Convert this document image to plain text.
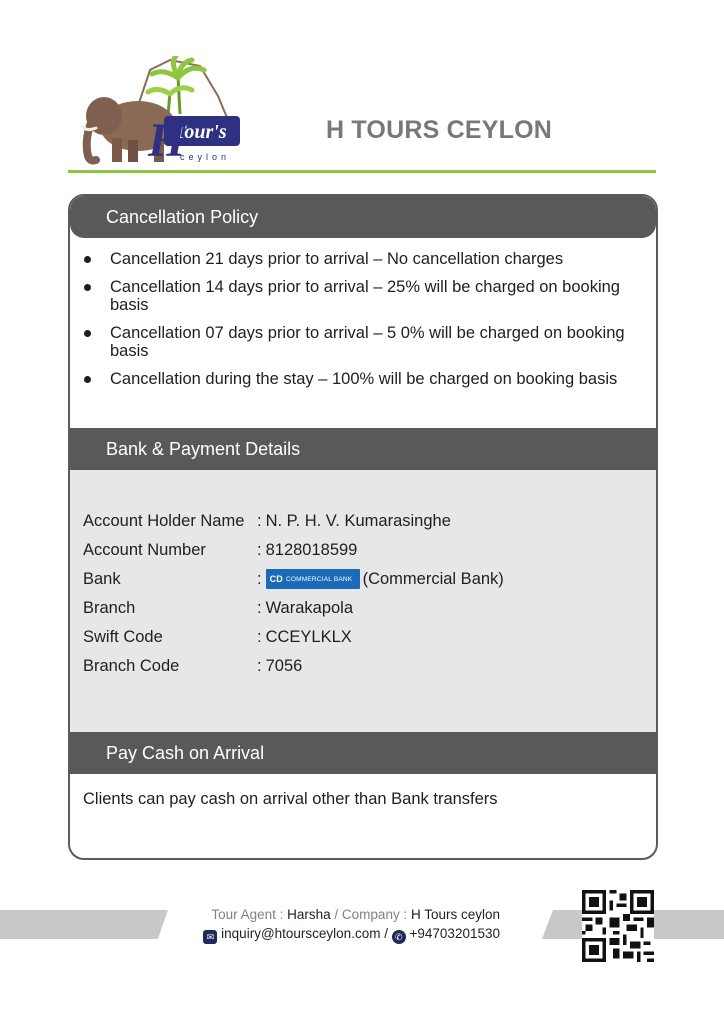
Tour's
H
ceylon
H TOURS CEYLON
Cancellation Policy
Cancellation 21 days prior to arrival – No cancellation charges
Cancellation 14 days prior to arrival – 25% will be charged on booking
basis
Cancellation 07 days prior to arrival – 5 0% will be charged on booking
basis
Cancellation during the stay – 100% will be charged on booking basis
Bank & Payment Details
Account Holder Name : N. P. H. V. Kumarasinghe
Account Number	: 8128018599
Bank	: CD COMMERCIAL BANK (Commercial Bank)
Branch	: Warakapola
Swift Code	: CCEYLKLX
Branch Code	: 7056
Pay Cash on Arrival
Clients can pay cash on arrival other than Bank transfers
Tour Agent : Harsha / Company : H Tours ceylon
✉ inquiry@htoursceylon.com / ✆ +94703201530
